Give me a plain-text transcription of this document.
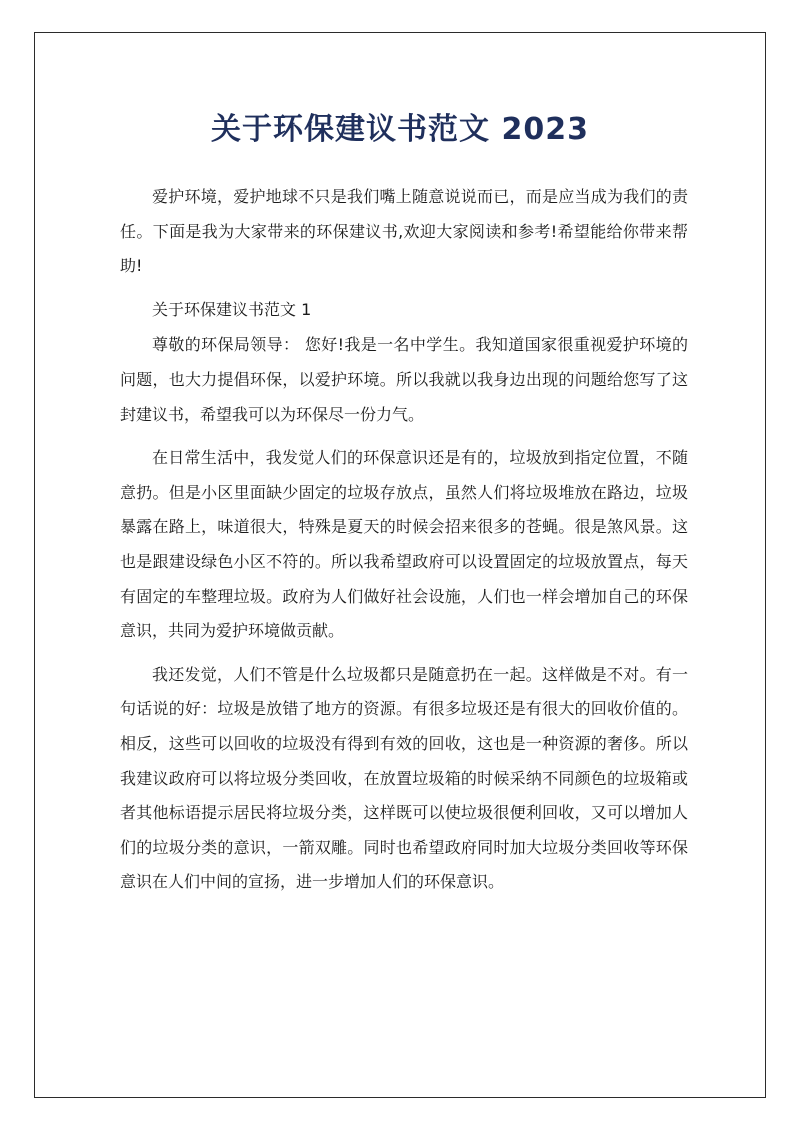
关于环保建议书范文 2023

爱护环境，爱护地球不只是我们嘴上随意说说而已，而是应当成为我们的责任。下面是我为大家带来的环保建议书,欢迎大家阅读和参考!希望能给你带来帮助!

关于环保建议书范文 1

尊敬的环保局领导： 您好!我是一名中学生。我知道国家很重视爱护环境的问题，也大力提倡环保，以爱护环境。所以我就以我身边出现的问题给您写了这封建议书，希望我可以为环保尽一份力气。

在日常生活中，我发觉人们的环保意识还是有的，垃圾放到指定位置，不随意扔。但是小区里面缺少固定的垃圾存放点，虽然人们将垃圾堆放在路边，垃圾暴露在路上，味道很大，特殊是夏天的时候会招来很多的苍蝇。很是煞风景。这也是跟建设绿色小区不符的。所以我希望政府可以设置固定的垃圾放置点，每天有固定的车整理垃圾。政府为人们做好社会设施，人们也一样会增加自己的环保意识，共同为爱护环境做贡献。

我还发觉，人们不管是什么垃圾都只是随意扔在一起。这样做是不对。有一句话说的好：垃圾是放错了地方的资源。有很多垃圾还是有很大的回收价值的。相反，这些可以回收的垃圾没有得到有效的回收，这也是一种资源的奢侈。所以我建议政府可以将垃圾分类回收，在放置垃圾箱的时候采纳不同颜色的垃圾箱或者其他标语提示居民将垃圾分类，这样既可以使垃圾很便利回收，又可以增加人们的垃圾分类的意识，一箭双雕。同时也希望政府同时加大垃圾分类回收等环保意识在人们中间的宣扬，进一步增加人们的环保意识。
